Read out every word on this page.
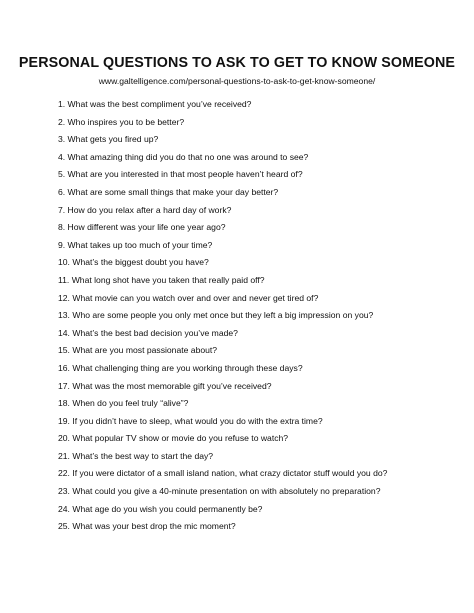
PERSONAL QUESTIONS TO ASK TO GET TO KNOW SOMEONE
www.galtelligence.com/personal-questions-to-ask-to-get-know-someone/
1. What was the best compliment you’ve received?
2. Who inspires you to be better?
3. What gets you fired up?
4. What amazing thing did you do that no one was around to see?
5. What are you interested in that most people haven’t heard of?
6. What are some small things that make your day better?
7. How do you relax after a hard day of work?
8. How different was your life one year ago?
9. What takes up too much of your time?
10. What’s the biggest doubt you have?
11. What long shot have you taken that really paid off?
12. What movie can you watch over and over and never get tired of?
13. Who are some people you only met once but they left a big impression on you?
14. What’s the best bad decision you’ve made?
15. What are you most passionate about?
16. What challenging thing are you working through these days?
17. What was the most memorable gift you’ve received?
18. When do you feel truly “alive”?
19. If you didn’t have to sleep, what would you do with the extra time?
20. What popular TV show or movie do you refuse to watch?
21. What’s the best way to start the day?
22. If you were dictator of a small island nation, what crazy dictator stuff would you do?
23. What could you give a 40-minute presentation on with absolutely no preparation?
24. What age do you wish you could permanently be?
25. What was your best drop the mic moment?
